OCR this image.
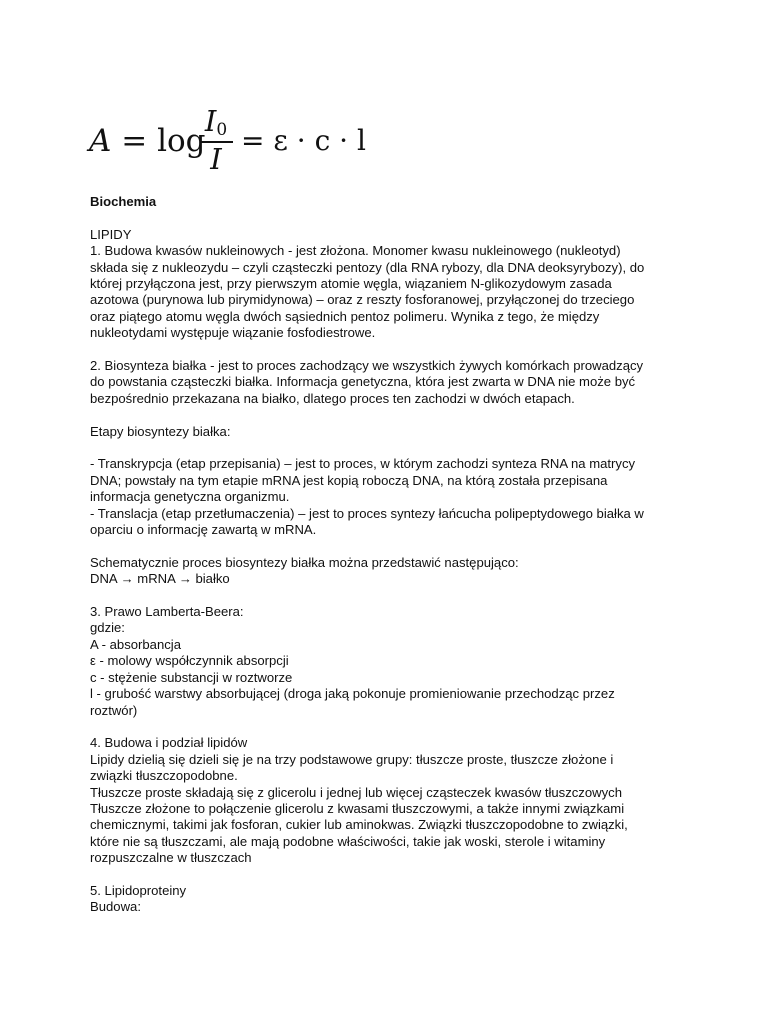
A = log
$I_0$
I
= ε · c · l

Biochemia

LIPIDY

1. Budowa kwasów nukleinowych - jest złożona. Monomer kwasu nukleinowego (nukleotyd)

składa się z nukleozydu – czyli cząsteczki pentozy (dla RNA rybozy, dla DNA deoksyrybozy), do

której przyłączona jest, przy pierwszym atomie węgla, wiązaniem N-glikozydowym zasada

azotowa (purynowa lub pirymidynowa) – oraz z reszty fosforanowej, przyłączonej do trzeciego

oraz piątego atomu węgla dwóch sąsiednich pentoz polimeru. Wynika z tego, że między

nukleotydami występuje wiązanie fosfodiestrowe.

2. Biosynteza białka - jest to proces zachodzący we wszystkich żywych komórkach prowadzący

do powstania cząsteczki białka. Informacja genetyczna, która jest zwarta w DNA nie może być

bezpośrednio przekazana na białko, dlatego proces ten zachodzi w dwóch etapach.

Etapy biosyntezy białka:

- Transkrypcja (etap przepisania) – jest to proces, w którym zachodzi synteza RNA na matrycy

DNA; powstały na tym etapie mRNA jest kopią roboczą DNA, na którą została przepisana

informacja genetyczna organizmu.

- Translacja (etap przetłumaczenia) – jest to proces syntezy łańcucha polipeptydowego białka w

oparciu o informację zawartą w mRNA.

Schematycznie proces biosyntezy białka można przedstawić następująco:

DNA → mRNA → białko

3. Prawo Lamberta-Beera:

gdzie:

A - absorbancja

ε - molowy współczynnik absorpcji

c - stężenie substancji w roztworze

l - grubość warstwy absorbującej (droga jaką pokonuje promieniowanie przechodząc przez

roztwór)

4. Budowa i podział lipidów

Lipidy dzielią się dzieli się je na trzy podstawowe grupy: tłuszcze proste, tłuszcze złożone i

związki tłuszczopodobne.

Tłuszcze proste składają się z glicerolu i jednej lub więcej cząsteczek kwasów tłuszczowych

Tłuszcze złożone to połączenie glicerolu z kwasami tłuszczowymi, a także innymi związkami

chemicznymi, takimi jak fosforan, cukier lub aminokwas. Związki tłuszczopodobne to związki,

które nie są tłuszczami, ale mają podobne właściwości, takie jak woski, sterole i witaminy

rozpuszczalne w tłuszczach

5. Lipidoproteiny

Budowa:
